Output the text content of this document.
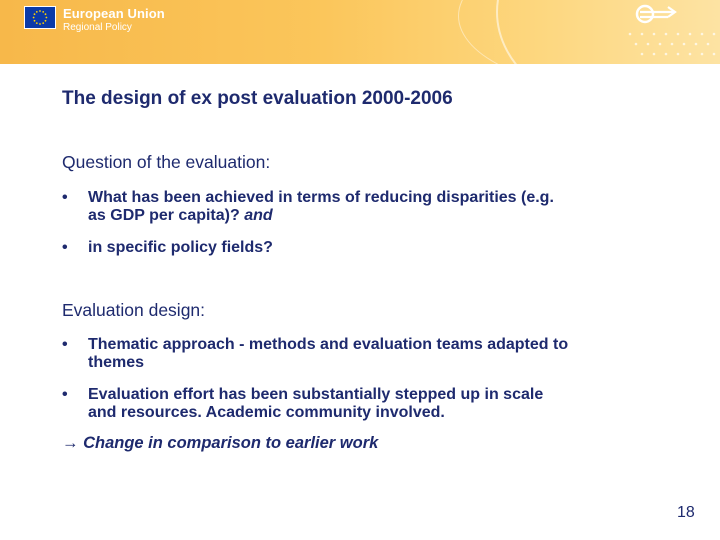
European Union
Regional Policy
The design of ex post evaluation 2000-2006
Question of the evaluation:
• What has been achieved in terms of reducing disparities (e.g.
as GDP per capita)? and
• in specific policy fields?
Evaluation design:
• Thematic approach - methods and evaluation teams adapted to
themes
• Evaluation effort has been substantially stepped up in scale
and resources. Academic community involved.
→ Change in comparison to earlier work
18
